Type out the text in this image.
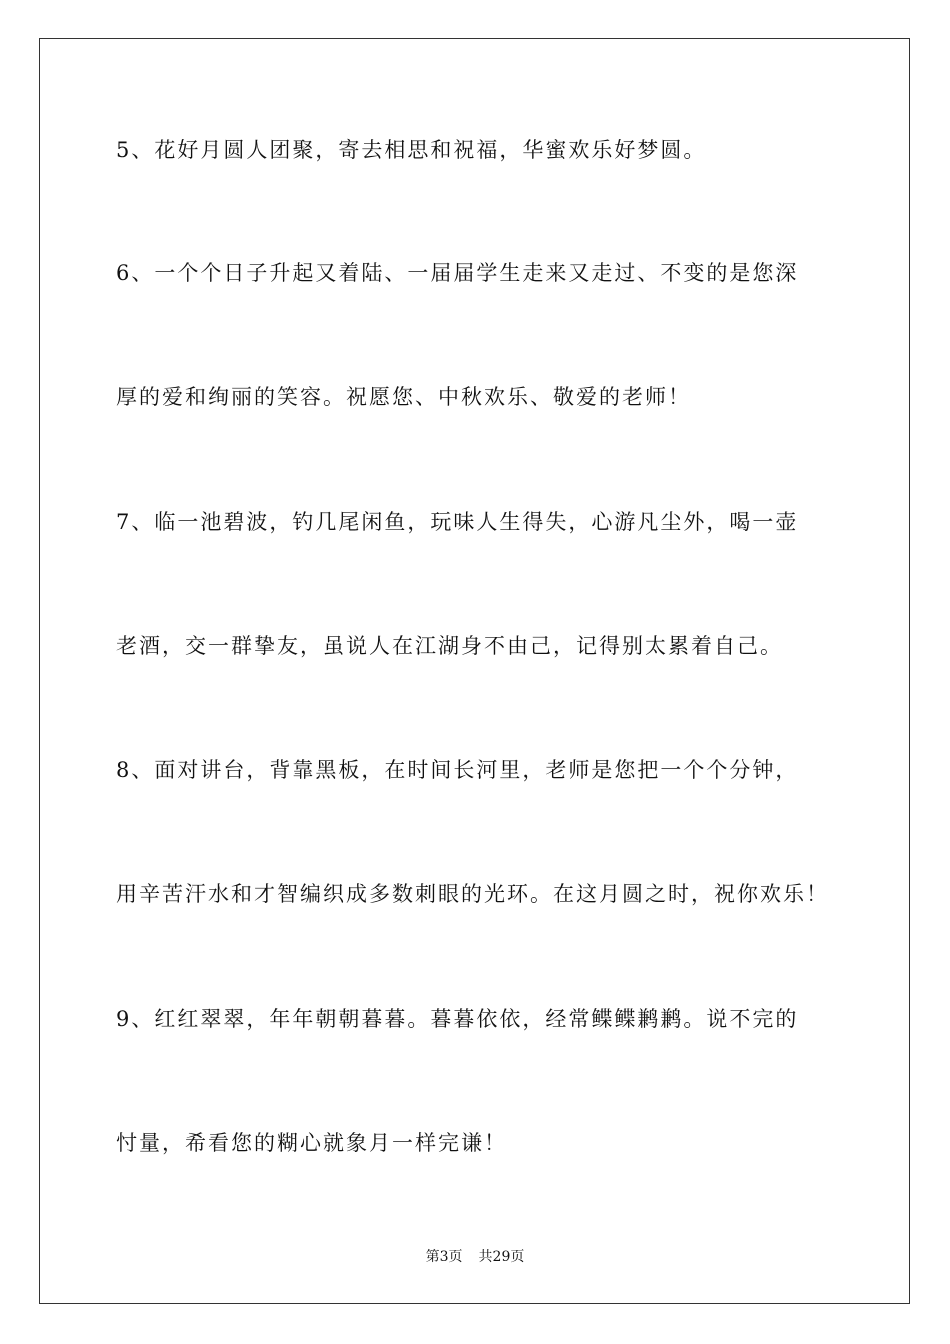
5、花好月圆人团聚，寄去相思和祝福，华蜜欢乐好梦圆。
6、一个个日子升起又着陆、一届届学生走来又走过、不变的是您深
厚的爱和绚丽的笑容。祝愿您、中秋欢乐、敬爱的老师！
7、临一池碧波，钓几尾闲鱼，玩味人生得失，心游凡尘外，喝一壶
老酒，交一群挚友，虽说人在江湖身不由己，记得别太累着自己。
8、面对讲台，背靠黑板，在时间长河里，老师是您把一个个分钟，
用辛苦汗水和才智编织成多数刺眼的光环。在这月圆之时，祝你欢乐！
9、红红翠翠，年年朝朝暮暮。暮暮依依，经常鲽鲽鹣鹣。说不完的
忖量，希看您的糊心就象月一样完谦！
第3页 共29页
